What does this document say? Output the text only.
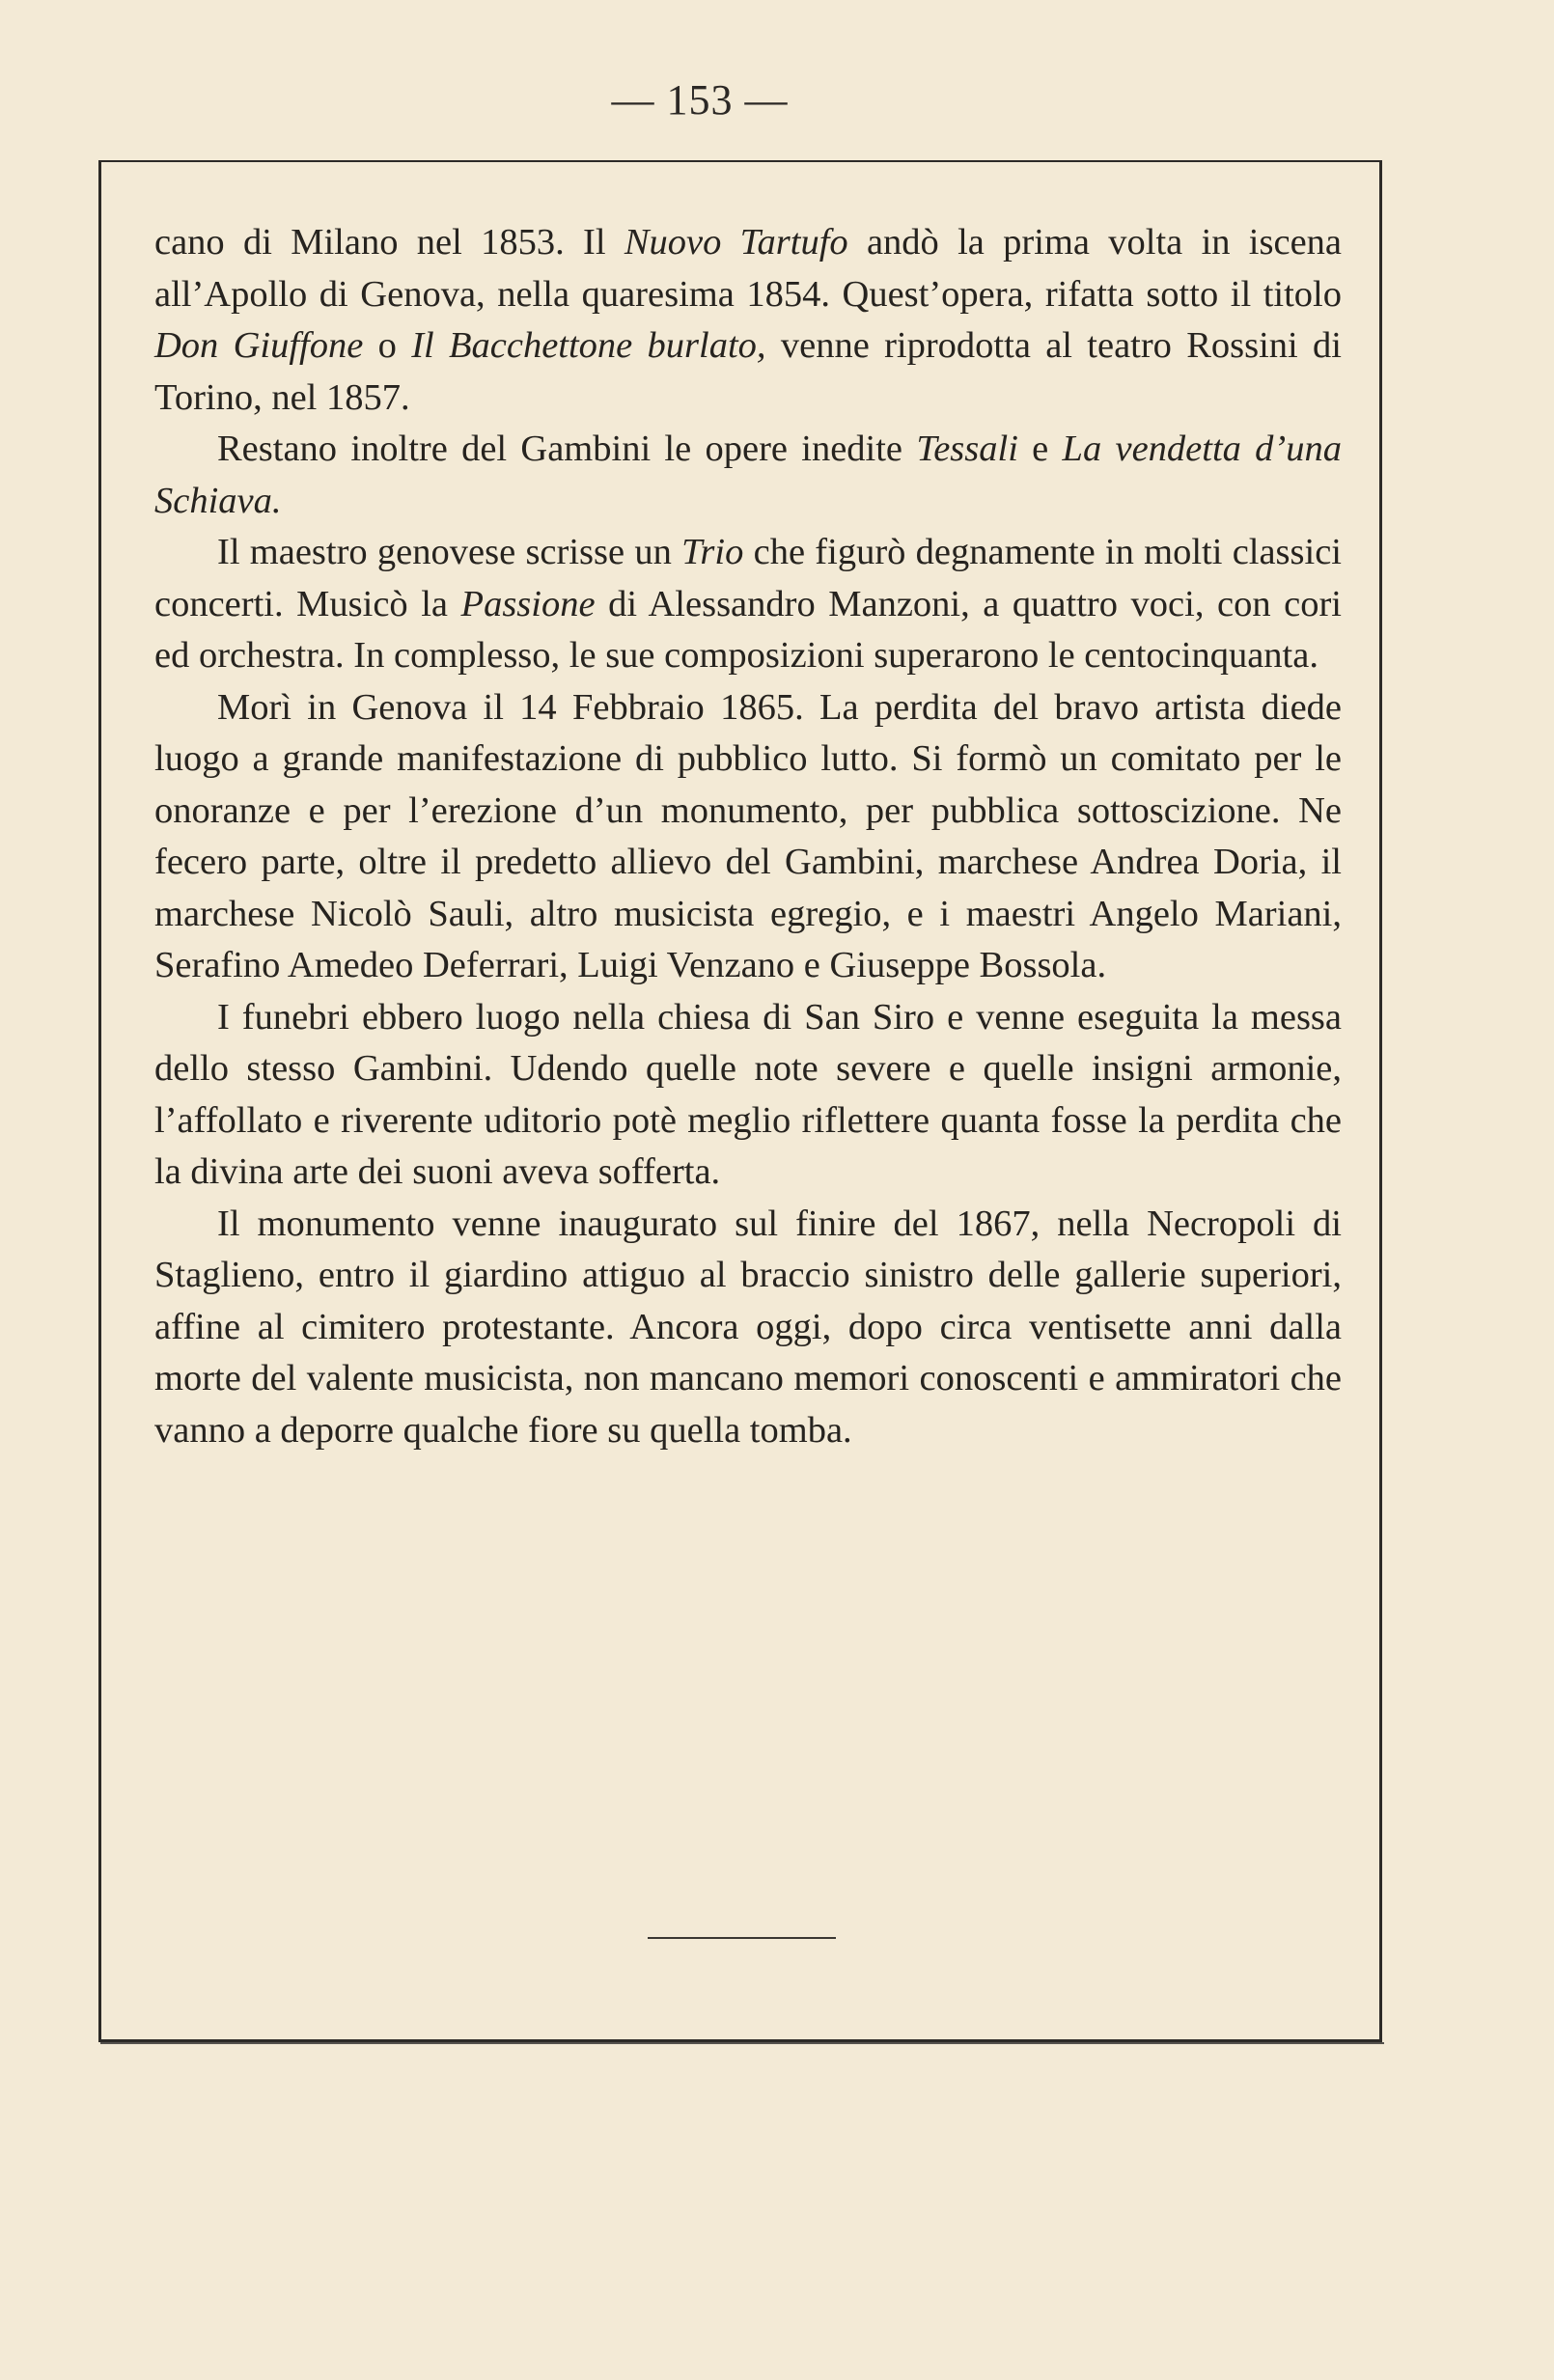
— 153 —

cano di Milano nel 1853. Il Nuovo Tartufo andò la prima volta in iscena all’Apollo di Genova, nella quaresima 1854. Quest’opera, rifatta sotto il titolo Don Giuffone o Il Bacchettone burlato, venne riprodotta al teatro Rossini di Torino, nel 1857.

Restano inoltre del Gambini le opere inedite Tessali e La vendetta d’una Schiava.

Il maestro genovese scrisse un Trio che figurò degnamente in molti classici concerti. Musicò la Passione di Alessandro Manzoni, a quattro voci, con cori ed orchestra. In complesso, le sue composizioni superarono le centocinquanta.

Morì in Genova il 14 Febbraio 1865. La perdita del bravo artista diede luogo a grande manifestazione di pubblico lutto. Si formò un comitato per le onoranze e per l’erezione d’un monumento, per pubblica sottoscizione. Ne fecero parte, oltre il predetto allievo del Gambini, marchese Andrea Doria, il marchese Nicolò Sauli, altro musicista egregio, e i maestri Angelo Mariani, Serafino Amedeo Deferrari, Luigi Venzano e Giuseppe Bossola.

I funebri ebbero luogo nella chiesa di San Siro e venne eseguita la messa dello stesso Gambini. Udendo quelle note severe e quelle insigni armonie, l’affollato e riverente uditorio potè meglio riflettere quanta fosse la perdita che la divina arte dei suoni aveva sofferta.

Il monumento venne inaugurato sul finire del 1867, nella Necropoli di Staglieno, entro il giardino attiguo al braccio sinistro delle gallerie superiori, affine al cimitero protestante. Ancora oggi, dopo circa ventisette anni dalla morte del valente musicista, non mancano memori conoscenti e ammiratori che vanno a deporre qualche fiore su quella tomba.
